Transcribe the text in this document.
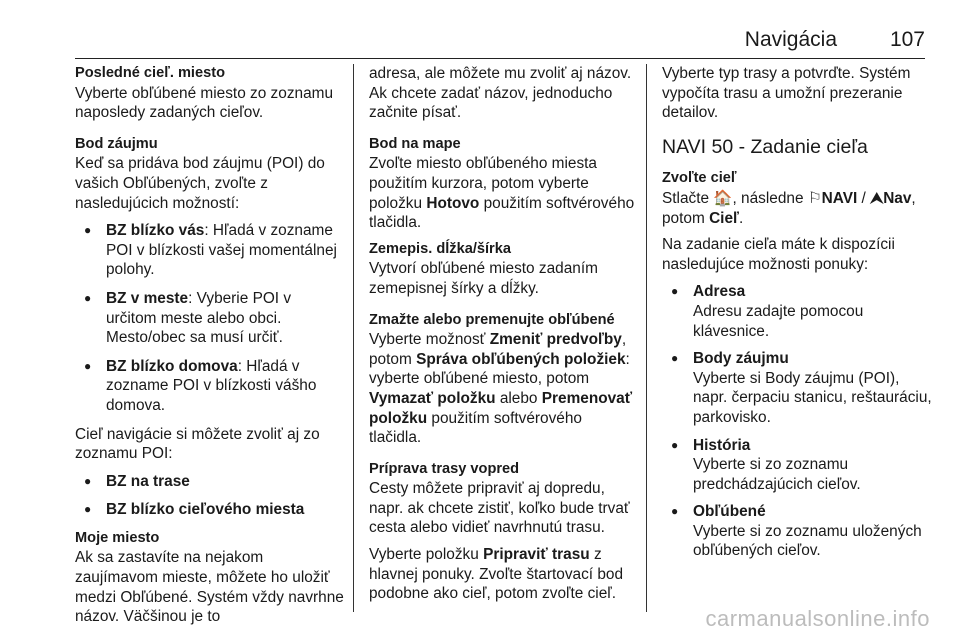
Navigácia	107

Posledné cieľ. miesto

Vyberte obľúbené miesto zo zoznamu naposledy zadaných cieľov.

Bod záujmu

Keď sa pridáva bod záujmu (POI) do vašich Obľúbených, zvoľte z nasledujúcich možností:

● BZ blízko vás: Hľadá v zozname POI v blízkosti vašej momentálnej polohy.
● BZ v meste: Vyberie POI v určitom meste alebo obci. Mesto/obec sa musí určiť.
● BZ blízko domova: Hľadá v zozname POI v blízkosti vášho domova.

Cieľ navigácie si môžete zvoliť aj zo zoznamu POI:

● BZ na trase
● BZ blízko cieľového miesta

Moje miesto

Ak sa zastavíte na nejakom zaujímavom mieste, môžete ho uložiť medzi Obľúbené. Systém vždy navrhne názov. Väčšinou je to

adresa, ale môžete mu zvoliť aj názov. Ak chcete zadať názov, jednoducho začnite písať.

Bod na mape

Zvoľte miesto obľúbeného miesta použitím kurzora, potom vyberte položku Hotovo použitím softvérového tlačidla.

Zemepis. dĺžka/šírka

Vytvorí obľúbené miesto zadaním zemepisnej šírky a dĺžky.

Zmažte alebo premenujte obľúbené

Vyberte možnosť Zmeniť predvoľby, potom Správa obľúbených položiek: vyberte obľúbené miesto, potom Vymazať položku alebo Premenovať položku použitím softvérového tlačidla.

Príprava trasy vopred

Cesty môžete pripraviť aj dopredu, napr. ak chcete zistiť, koľko bude trvať cesta alebo vidieť navrhnutú trasu.

Vyberte položku Pripraviť trasu z hlavnej ponuky. Zvoľte štartovací bod podobne ako cieľ, potom zvoľte cieľ.

Vyberte typ trasy a potvrďte. Systém vypočíta trasu a umožní prezeranie detailov.

NAVI 50 - Zadanie cieľa

Zvoľte cieľ

Stlačte 🏠, následne ⚐NAVI / ⮝Nav, potom Cieľ.

Na zadanie cieľa máte k dispozícii nasledujúce možnosti ponuky:

● Adresa
Adresu zadajte pomocou klávesnice.
● Body záujmu
Vyberte si Body záujmu (POI), napr. čerpaciu stanicu, reštauráciu, parkovisko.
● História
Vyberte si zo zoznamu predchádzajúcich cieľov.
● Obľúbené
Vyberte si zo zoznamu uložených obľúbených cieľov.
carmanualsonline.info
